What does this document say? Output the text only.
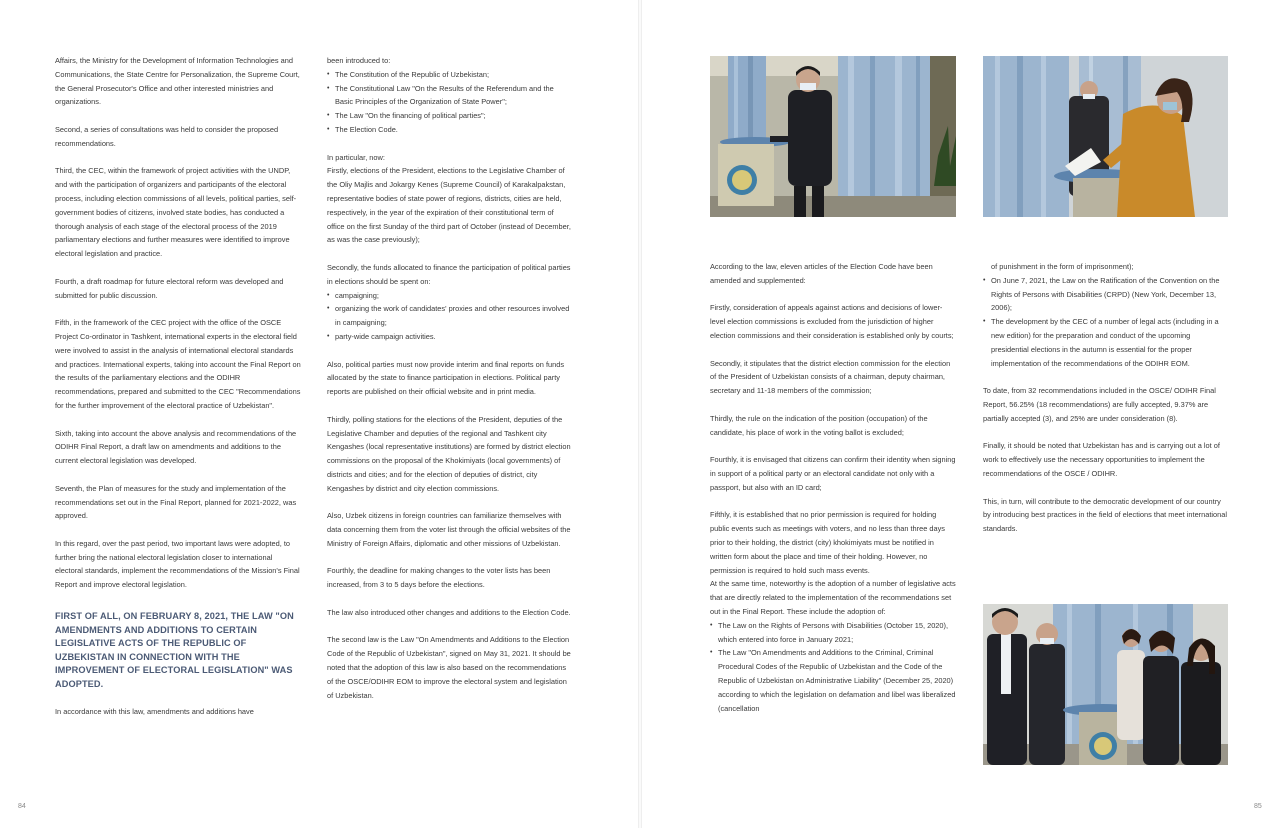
Affairs, the Ministry for the Development of Information Technologies and Communications, the State Centre for Personalization, the Supreme Court, the General Prosecutor's Office and other interested ministries and organizations.

Second, a series of consultations was held to consider the proposed recommendations.

Third, the CEC, within the framework of project activities with the UNDP, and with the participation of organizers and participants of the electoral process, including election commissions of all levels, political parties, self-government bodies of citizens, involved state bodies, has conducted a thorough analysis of each stage of the electoral process of the 2019 parliamentary elections and further measures were identified to improve electoral legislation and practice.

Fourth, a draft roadmap for future electoral reform was developed and submitted for public discussion.

Fifth, in the framework of the CEC project with the office of the OSCE Project Co-ordinator in Tashkent, international experts in the electoral field were involved to assist in the analysis of international electoral standards and practices. International experts, taking into account the Final Report on the results of the parliamentary elections and the ODIHR recommendations, prepared and submitted to the CEC "Recommendations for the further improvement of the electoral practice of Uzbekistan".

Sixth, taking into account the above analysis and recommendations of the ODIHR Final Report, a draft law on amendments and additions to the current electoral legislation was developed.

Seventh, the Plan of measures for the study and implementation of the recommendations set out in the Final Report, planned for 2021-2022, was approved.

In this regard, over the past period, two important laws were adopted, to further bring the national electoral legislation closer to international electoral standards, implement the recommendations of the Mission's Final Report and improve electoral legislation.

FIRST OF ALL, ON FEBRUARY 8, 2021, THE LAW "ON AMENDMENTS AND ADDITIONS TO CERTAIN LEGISLATIVE ACTS OF THE REPUBLIC OF UZBEKISTAN IN CONNECTION WITH THE IMPROVEMENT OF ELECTORAL LEGISLATION" WAS ADOPTED.

In accordance with this law, amendments and additions have

been introduced to:
• The Constitution of the Republic of Uzbekistan;
• The Constitutional Law "On the Results of the Referendum and the Basic Principles of the Organization of State Power";
• The Law "On the financing of political parties";
• The Election Code.

In particular, now:
Firstly, elections of the President, elections to the Legislative Chamber of the Oliy Majlis and Jokargy Kenes (Supreme Council) of Karakalpakstan, representative bodies of state power of regions, districts, cities are held, respectively, in the year of the expiration of their constitutional term of office on the first Sunday of the third part of October (instead of December, as was the case previously);

Secondly, the funds allocated to finance the participation of political parties in elections should be spent on:
• campaigning;
• organizing the work of candidates' proxies and other resources involved in campaigning;
• party-wide campaign activities.

Also, political parties must now provide interim and final reports on funds allocated by the state to finance participation in elections. Political party reports are published on their official website and in print media.

Thirdly, polling stations for the elections of the President, deputies of the Legislative Chamber and deputies of the regional and Tashkent city Kengashes (local representative institutions) are formed by district election commissions on the proposal of the Khokimiyats (local governments) of districts and cities; and for the election of deputies of district, city Kengashes by district and city election commissions.

Also, Uzbek citizens in foreign countries can familiarize themselves with data concerning them from the voter list through the official websites of the Ministry of Foreign Affairs, diplomatic and other missions of Uzbekistan.

Fourthly, the deadline for making changes to the voter lists has been increased, from 3 to 5 days before the elections.

The law also introduced other changes and additions to the Election Code.

The second law is the Law "On Amendments and Additions to the Election Code of the Republic of Uzbekistan", signed on May 31, 2021. It should be noted that the adoption of this law is also based on the recommendations of the OSCE/ODIHR EOM to improve the electoral system and legislation of Uzbekistan.

84

According to the law, eleven articles of the Election Code have been amended and supplemented:

Firstly, consideration of appeals against actions and decisions of lower-level election commissions is excluded from the jurisdiction of higher election commissions and their consideration is established only by courts;

Secondly, it stipulates that the district election commission for the election of the President of Uzbekistan consists of a chairman, deputy chairman, secretary and 11-18 members of the commission;

Thirdly, the rule on the indication of the position (occupation) of the candidate, his place of work in the voting ballot is excluded;

Fourthly, it is envisaged that citizens can confirm their identity when signing in support of a political party or an electoral candidate not only with a passport, but also with an ID card;

Fifthly, it is established that no prior permission is required for holding public events such as meetings with voters, and no less than three days prior to their holding, the district (city) khokimiyats must be notified in written form about the place and time of their holding. However, no permission is required to hold such mass events.

At the same time, noteworthy is the adoption of a number of legislative acts that are directly related to the implementation of the recommendations set out in the Final Report. These include the adoption of:
• The Law on the Rights of Persons with Disabilities (October 15, 2020), which entered into force in January 2021;
• The Law "On Amendments and Additions to the Criminal, Criminal Procedural Codes of the Republic of Uzbekistan and the Code of the Republic of Uzbekistan on Administrative Liability" (December 25, 2020) according to which the legislation on defamation and libel was liberalized (cancellation
of punishment in the form of imprisonment);
• On June 7, 2021, the Law on the Ratification of the Convention on the Rights of Persons with Disabilities (CRPD) (New York, December 13, 2006);
• The development by the CEC of a number of legal acts (including in a new edition) for the preparation and conduct of the upcoming presidential elections in the autumn is essential for the proper implementation of the recommendations of the ODIHR EOM.

To date, from 32 recommendations included in the OSCE/ ODIHR Final Report, 56.25% (18 recommendations) are fully accepted, 9.37% are partially accepted (3), and 25% are under consideration (8).

Finally, it should be noted that Uzbekistan has and is carrying out a lot of work to effectively use the necessary opportunities to implement the recommendations of the OSCE / ODIHR.

This, in turn, will contribute to the democratic development of our country by introducing best practices in the field of elections that meet international standards.

85
